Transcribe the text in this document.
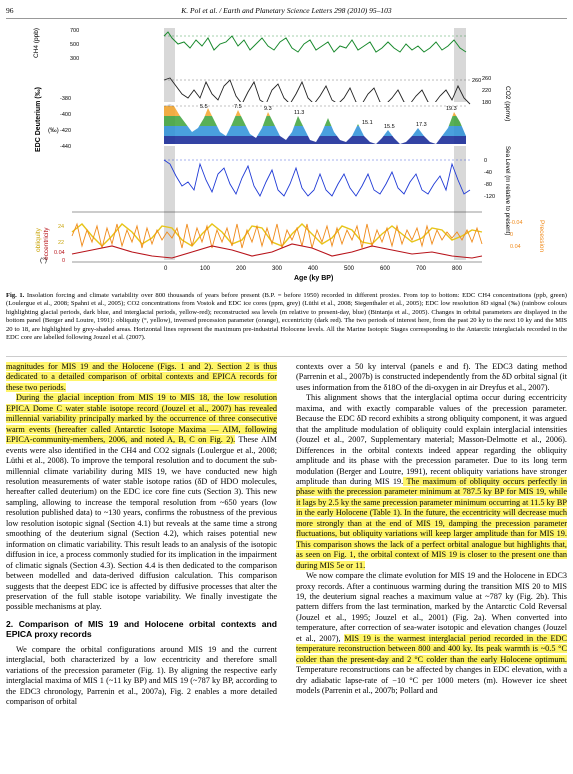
96	K. Pol et al. / Earth and Planetary Science Letters 298 (2010) 95–103
CH4 (ppb)
EDC Deuterium (‰)
obliquity eccentricity
(°)
CO2 (ppmv)
Sea Level (m relative to present)
Precession
(‰)
700
500
300
-380
-400
-420
-440
260
220
180
0
-40
-80
-120
-0.04
0
0.04
24
22
0.04
0
260
5.5	7.5	9.3
11.3
15.1
15.5	17.3
19.3
0	100	200	300	400	500	600	700	800
Age (ky BP)
Fig. 1. Insolation forcing and climate variability over 800 thousands of years before present (B.P. = before 1950) recorded in different proxies. From top to bottom: EDC CH4 concentrations (ppb, green) (Loulergue et al., 2008; Spahni et al., 2005); CO2 concentrations from Vostok and EDC ice cores (ppm, grey) (Lüthi et al., 2008; Siegenthaler et al., 2005); EDC low resolution δD signal (‰) (rainbow colours highlighting glacial periods, dark blue, and interglacial periods, yellow-red); reconstructed sea levels (m relative to present-day, blue) (Bintanja et al., 2005). Changes in orbital parameters are displayed in the bottom panel (Berger and Loutre, 1991): obliquity (°, yellow), inversed precession parameter (orange), eccentricity (dark red). The two periods of interest here, from the past 20 ky to the next 10 ky and the MIS 20 to 18, are highlighted by grey-shaded areas. Horizontal lines represent the maximum pre-industrial Holocene levels. All the Marine Isotopic Stages corresponding to the Antarctic interglacials recorded in the EDC core are labelled following Jouzel et al. (2007).

magnitudes for MIS 19 and the Holocene (Figs. 1 and 2). Section 2 is thus dedicated to a detailed comparison of orbital contexts and EPICA records for these two periods.

During the glacial inception from MIS 19 to MIS 18, the low resolution EPICA Dome C water stable isotope record (Jouzel et al., 2007) has revealed millennial variability principally marked by the occurrence of three consecutive warm events (hereafter called Antarctic Isotope Maxima — AIM, following EPICA-community-members, 2006, and noted A, B, C on Fig. 2). These AIM events were also identified in the CH4 and CO2 signals (Loulergue et al., 2008; Lüthi et al., 2008). To improve the temporal resolution and to document the sub-millennial climate variability during MIS 19, we have conducted new high resolution measurements of water stable isotope ratios (δD of HDO molecules, hereafter called deuterium) on the EDC ice core fine cuts (Section 3). This new sampling, allowing to increase the temporal resolution from ~650 years (low resolution published data) to ~130 years, confirms the robustness of the previous low resolution isotopic signal (Section 4.1) but reveals at the same time a strong smoothing of the deuterium signal (Section 4.2), which raises potential new information on climatic variability. This result leads to an analysis of the isotopic diffusion in ice, a process commonly studied for its implication in the impairment of climatic signals (Section 4.3). Section 4.4 is then dedicated to the comparison between modelled and data-derived diffusion calculation. This comparison suggests that the deepest EDC ice is affected by diffusive processes that alter the preservation of the full stable isotope variability. We finally investigate the possible mechanisms at play.

2. Comparison of MIS 19 and Holocene orbital contexts and EPICA proxy records

We compare the orbital configurations around MIS 19 and the current interglacial, both characterized by a low eccentricity and therefore small variations of the precession parameter (Fig. 1). By aligning the respective early interglacial maxima of MIS 1 (~11 ky BP) and MIS 19 (~787 ky BP, according to the EDC3 chronology, Parrenin et al., 2007a), Fig. 2 enables a more detailed comparison of orbital

contexts over a 50 ky interval (panels e and f). The EDC3 dating method (Parrenin et al., 2007b) is constructed independently from the δD orbital signal (it uses information from the δ18O of the di-oxygen in air Dreyfus et al., 2007).

This alignment shows that the interglacial optima occur during eccentricity maxima, and with exactly comparable values of the precession parameter. Because the EDC δD record exhibits a strong obliquity component, it was argued that the amplitude modulation of obliquity could explain interglacial intensities (Jouzel et al., 2007, Supplementary material; Masson-Delmotte et al., 2006). Differences in the orbital contexts indeed appear regarding the obliquity amplitude and its phase with the precession parameter. Due to its long term modulation (Berger and Loutre, 1991), recent obliquity variations have stronger amplitude than during MIS 19. The maximum of obliquity occurs perfectly in phase with the precession parameter minimum at 787.5 ky BP for MIS 19, while it lags by 2.5 ky the same precession parameter minimum occurring at 11.5 ky BP in the early Holocene (Table 1). In the future, the eccentricity will decrease much more strongly than at the end of MIS 19, damping the precession parameter fluctuations, but obliquity variations will keep larger amplitude than for MIS 19. This comparison shows the lack of a perfect orbital analogue but highlights that, as seen on Fig. 1, the orbital context of MIS 19 is closer to the present one than during MIS 5e or 11.

We now compare the climate evolution for MIS 19 and the Holocene in EDC3 proxy records. After a continuous warming during the transition MIS 20 to MIS 19, the deuterium signal reaches a maximum value at ~787 ky (Fig. 2b). This pattern differs from the last termination, marked by the Antarctic Cold Reversal (Jouzel et al., 1995; Jouzel et al., 2001) (Fig. 2a). When converted into temperature, after correction of sea-water isotopic and elevation changes (Jouzel et al., 2007), MIS 19 is the warmest interglacial period recorded in the EDC temperature reconstruction between 800 and 400 ky. Its peak warmth is ~0.5 °C colder than the present-day and 2 °C colder than the early Holocene optimum. Temperature reconstructions can be affected by changes in EDC elevation, with a dry adiabatic lapse-rate of −10 °C per 1000 meters (m). However ice sheet models (Parrenin et al., 2007b; Pollard and
